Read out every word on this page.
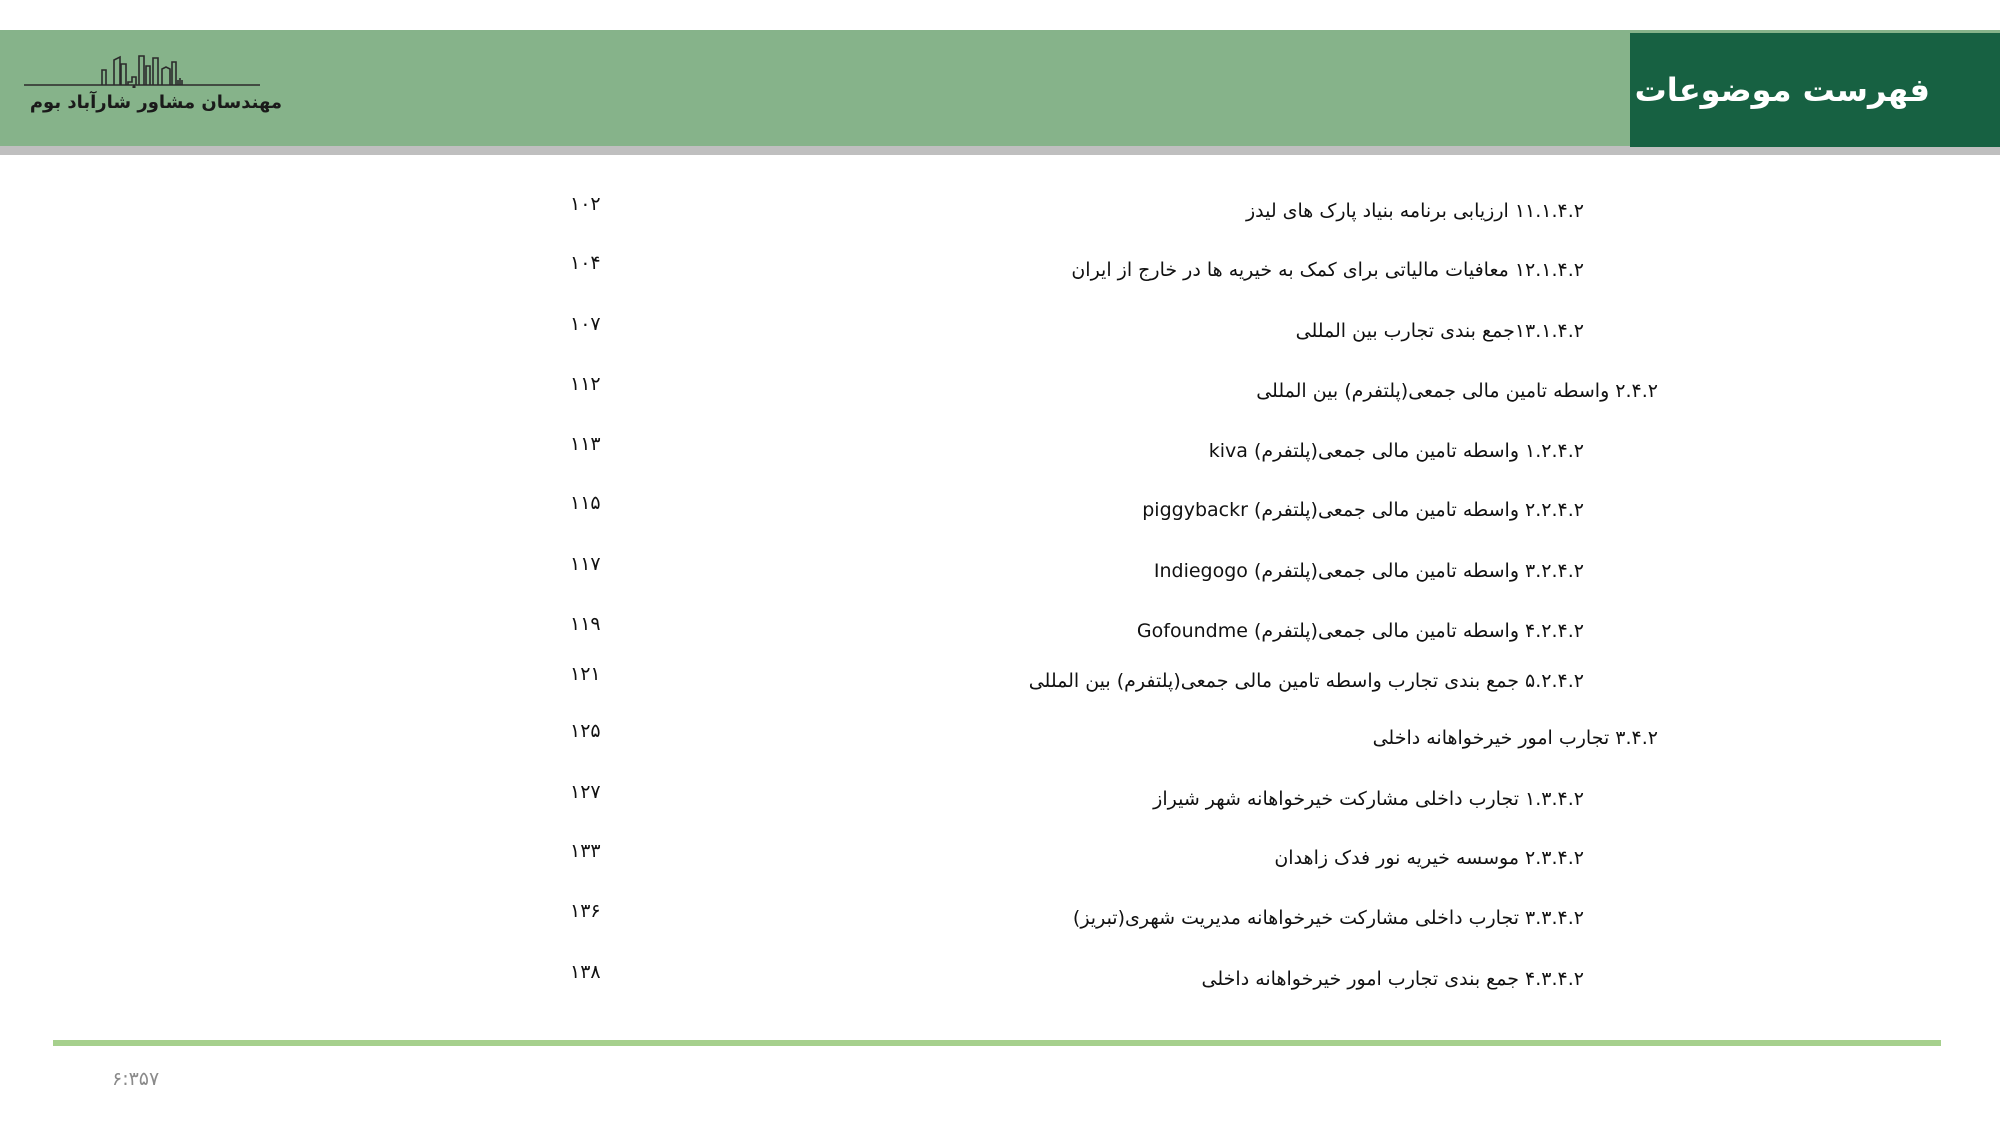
فهرست موضوعات
مهندسان مشاور شارآباد بوم
۱۱.۱.۴.۲ ارزیابی برنامه بنیاد پارک های لیدز
۱۰۲
۱۲.۱.۴.۲ معافیات مالیاتی برای کمک به خیریه ها در خارج از ایران
۱۰۴
۱۳.۱.۴.۲جمع بندی تجارب بین المللی
۱۰۷
۲.۴.۲ واسطه تامین مالی جمعی(پلتفرم) بین المللی
۱۱۲
۱.۲.۴.۲ واسطه تامین مالی جمعی(پلتفرم) kiva
۱۱۳
۲.۲.۴.۲ واسطه تامین مالی جمعی(پلتفرم) piggybackr
۱۱۵
۳.۲.۴.۲ واسطه تامین مالی جمعی(پلتفرم) Indiegogo
۱۱۷
۴.۲.۴.۲ واسطه تامین مالی جمعی(پلتفرم) Gofoundme
۱۱۹
۵.۲.۴.۲ جمع بندی تجارب واسطه تامین مالی جمعی(پلتفرم) بین المللی
۱۲۱
۳.۴.۲ تجارب امور خیرخواهانه داخلی
۱۲۵
۱.۳.۴.۲ تجارب داخلی مشارکت خیرخواهانه شهر شیراز
۱۲۷
۲.۳.۴.۲ موسسه خیریه نور فدک زاهدان
۱۳۳
۳.۳.۴.۲ تجارب داخلی مشارکت خیرخواهانه مدیریت شهری(تبریز)
۱۳۶
۴.۳.۴.۲ جمع بندی تجارب امور خیرخواهانه داخلی
۱۳۸
۶:۳۵۷
